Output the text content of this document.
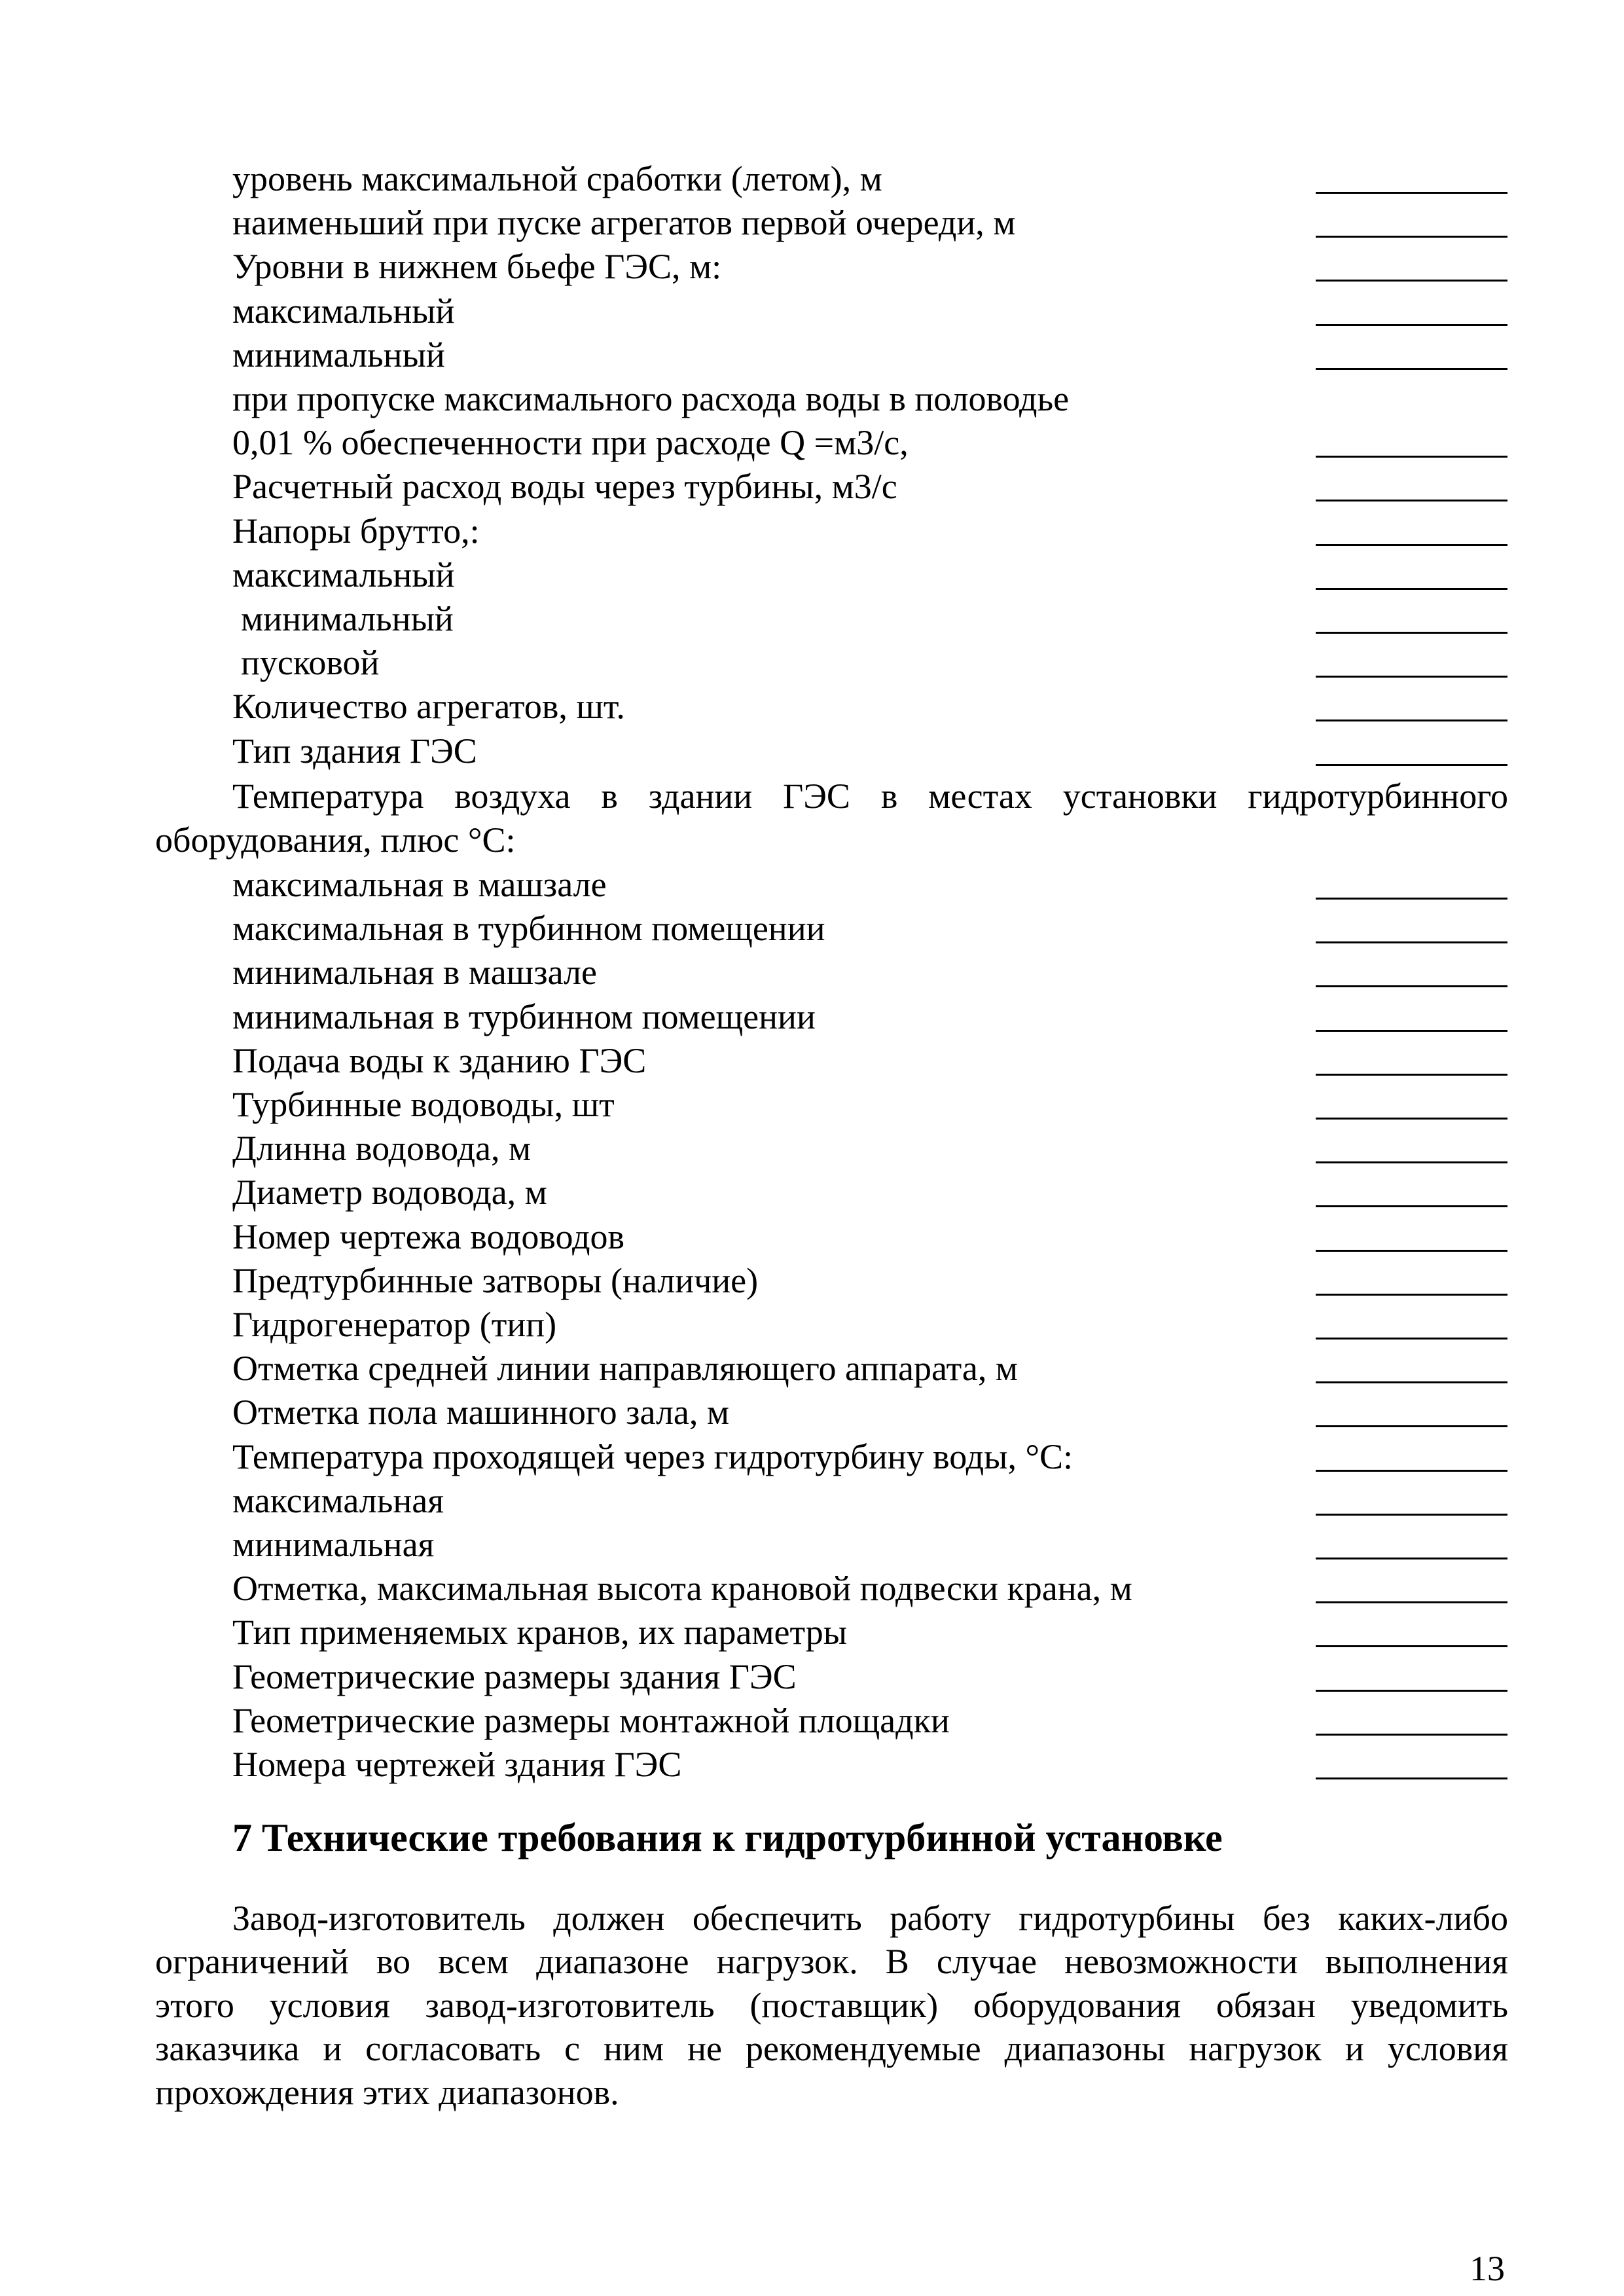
уровень максимальной сработки (летом), м
наименьший при пуске агрегатов первой очереди, м
Уровни в нижнем бьефе ГЭС, м:
максимальный
минимальный
при пропуске максимального расхода воды в половодье
0,01 % обеспеченности при расходе Q =м3/с,
Расчетный расход воды через турбины, м3/с
Напоры брутто,:
максимальный
минимальный
пусковой
Количество агрегатов, шт.
Тип здания ГЭС
Температура воздуха в здании ГЭС в местах установки гидротурбинного
оборудования, плюс °С:
максимальная в машзале
максимальная в турбинном помещении
минимальная в машзале
минимальная в турбинном помещении
Подача воды к зданию ГЭС
Турбинные водоводы, шт
Длинна водовода, м
Диаметр водовода, м
Номер чертежа водоводов
Предтурбинные затворы (наличие)
Гидрогенератор (тип)
Отметка средней линии направляющего аппарата, м
Отметка пола машинного зала, м
Температура проходящей через гидротурбину воды, °С:
максимальная
минимальная
Отметка, максимальная высота крановой подвески крана, м
Тип применяемых кранов, их параметры
Геометрические размеры здания ГЭС
Геометрические размеры монтажной площадки
Номера чертежей здания ГЭС
7 Технические требования к гидротурбинной установке
Завод-изготовитель должен обеспечить работу гидротурбины без каких-либо
ограничений во всем диапазоне нагрузок. В случае невозможности выполнения
этого условия завод-изготовитель (поставщик) оборудования обязан уведомить
заказчика и согласовать с ним не рекомендуемые диапазоны нагрузок и условия
прохождения этих диапазонов.
13
